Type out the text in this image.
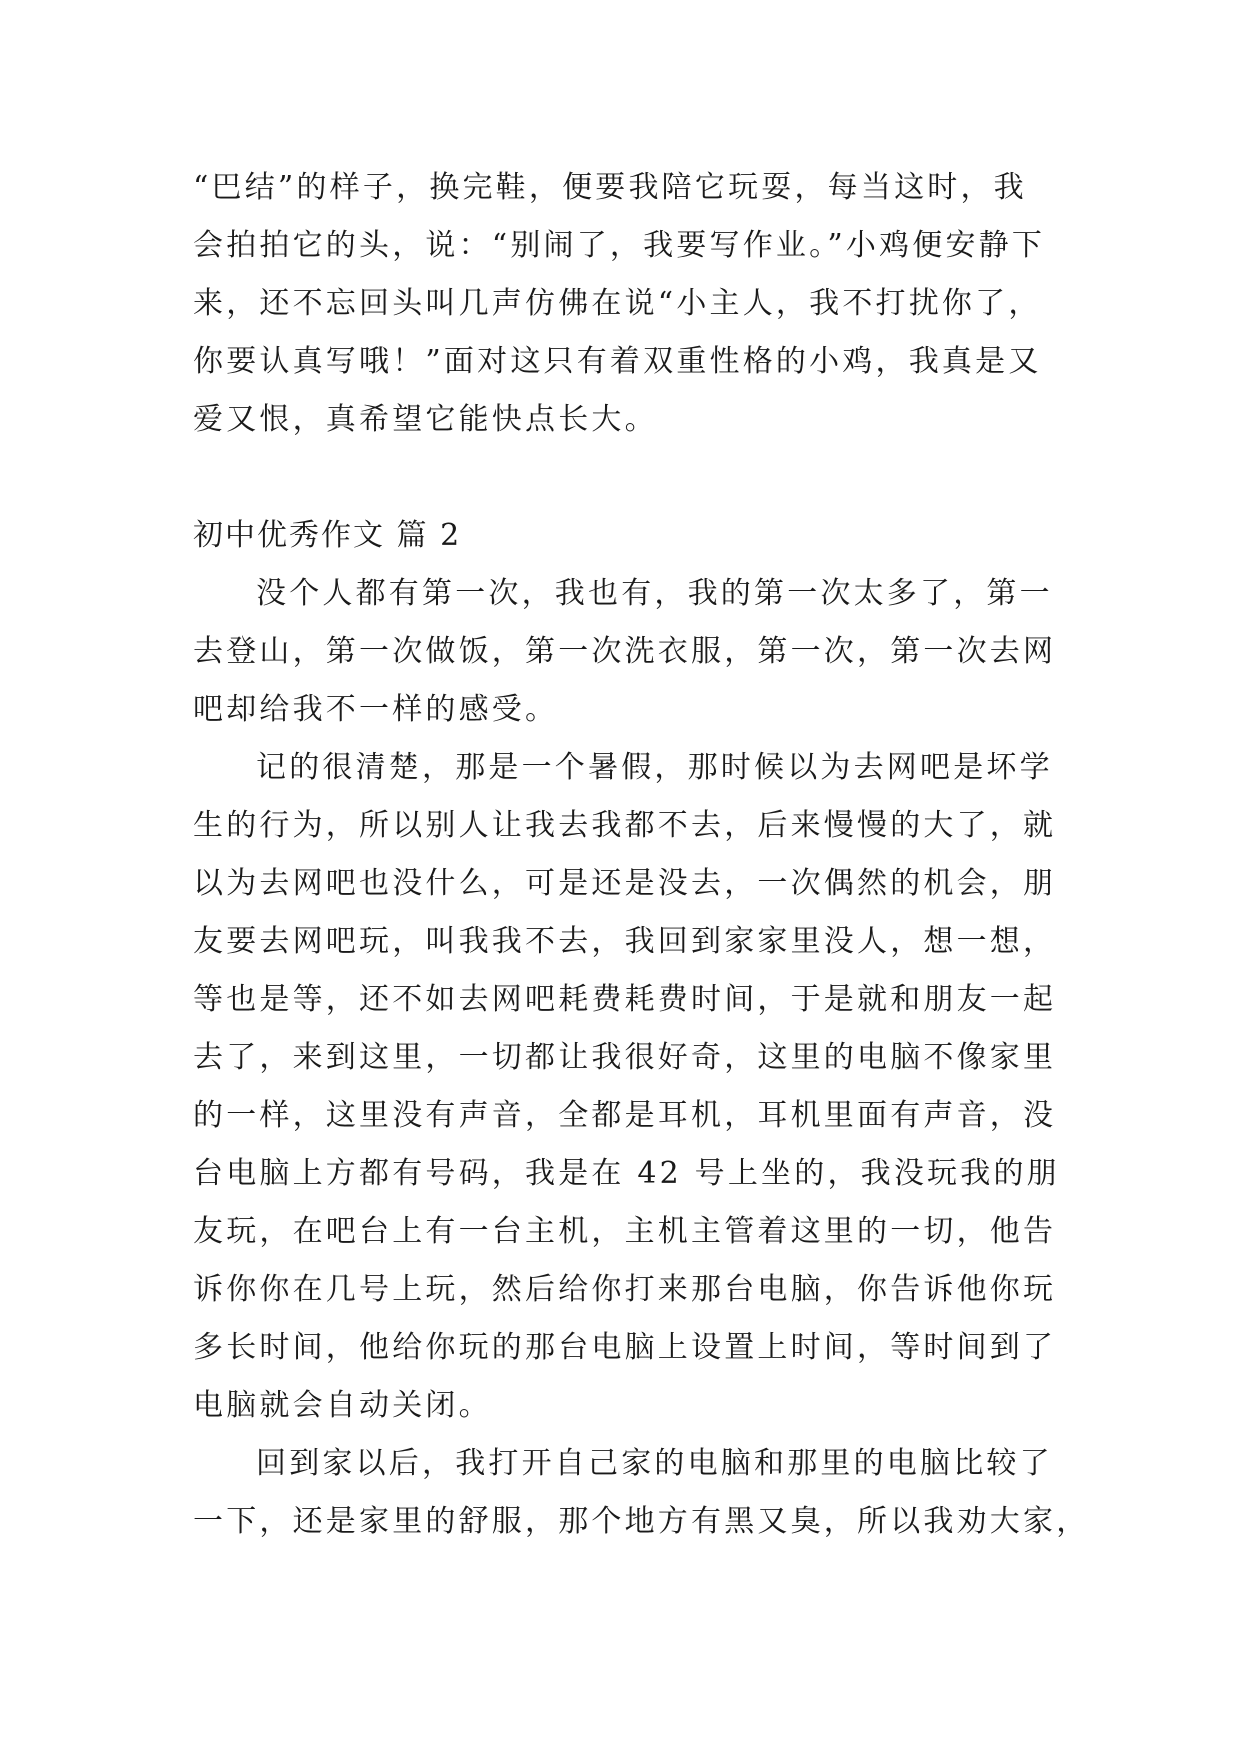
“巴结”的样子，换完鞋，便要我陪它玩耍，每当这时，我
会拍拍它的头，说：“别闹了，我要写作业。”小鸡便安静下
来，还不忘回头叫几声仿佛在说“小主人，我不打扰你了，
你要认真写哦！”面对这只有着双重性格的小鸡，我真是又
爱又恨，真希望它能快点长大。
初中优秀作文 篇 2
没个人都有第一次，我也有，我的第一次太多了，第一
去登山，第一次做饭，第一次洗衣服，第一次，第一次去网
吧却给我不一样的感受。
记的很清楚，那是一个暑假，那时候以为去网吧是坏学
生的行为，所以别人让我去我都不去，后来慢慢的大了，就
以为去网吧也没什么，可是还是没去，一次偶然的机会，朋
友要去网吧玩，叫我我不去，我回到家家里没人，想一想，
等也是等，还不如去网吧耗费耗费时间，于是就和朋友一起
去了，来到这里，一切都让我很好奇，这里的电脑不像家里
的一样，这里没有声音，全都是耳机，耳机里面有声音，没
台电脑上方都有号码，我是在 42 号上坐的，我没玩我的朋
友玩，在吧台上有一台主机，主机主管着这里的一切，他告
诉你你在几号上玩，然后给你打来那台电脑，你告诉他你玩
多长时间，他给你玩的那台电脑上设置上时间，等时间到了
电脑就会自动关闭。
回到家以后，我打开自己家的电脑和那里的电脑比较了
一下，还是家里的舒服，那个地方有黑又臭，所以我劝大家，
